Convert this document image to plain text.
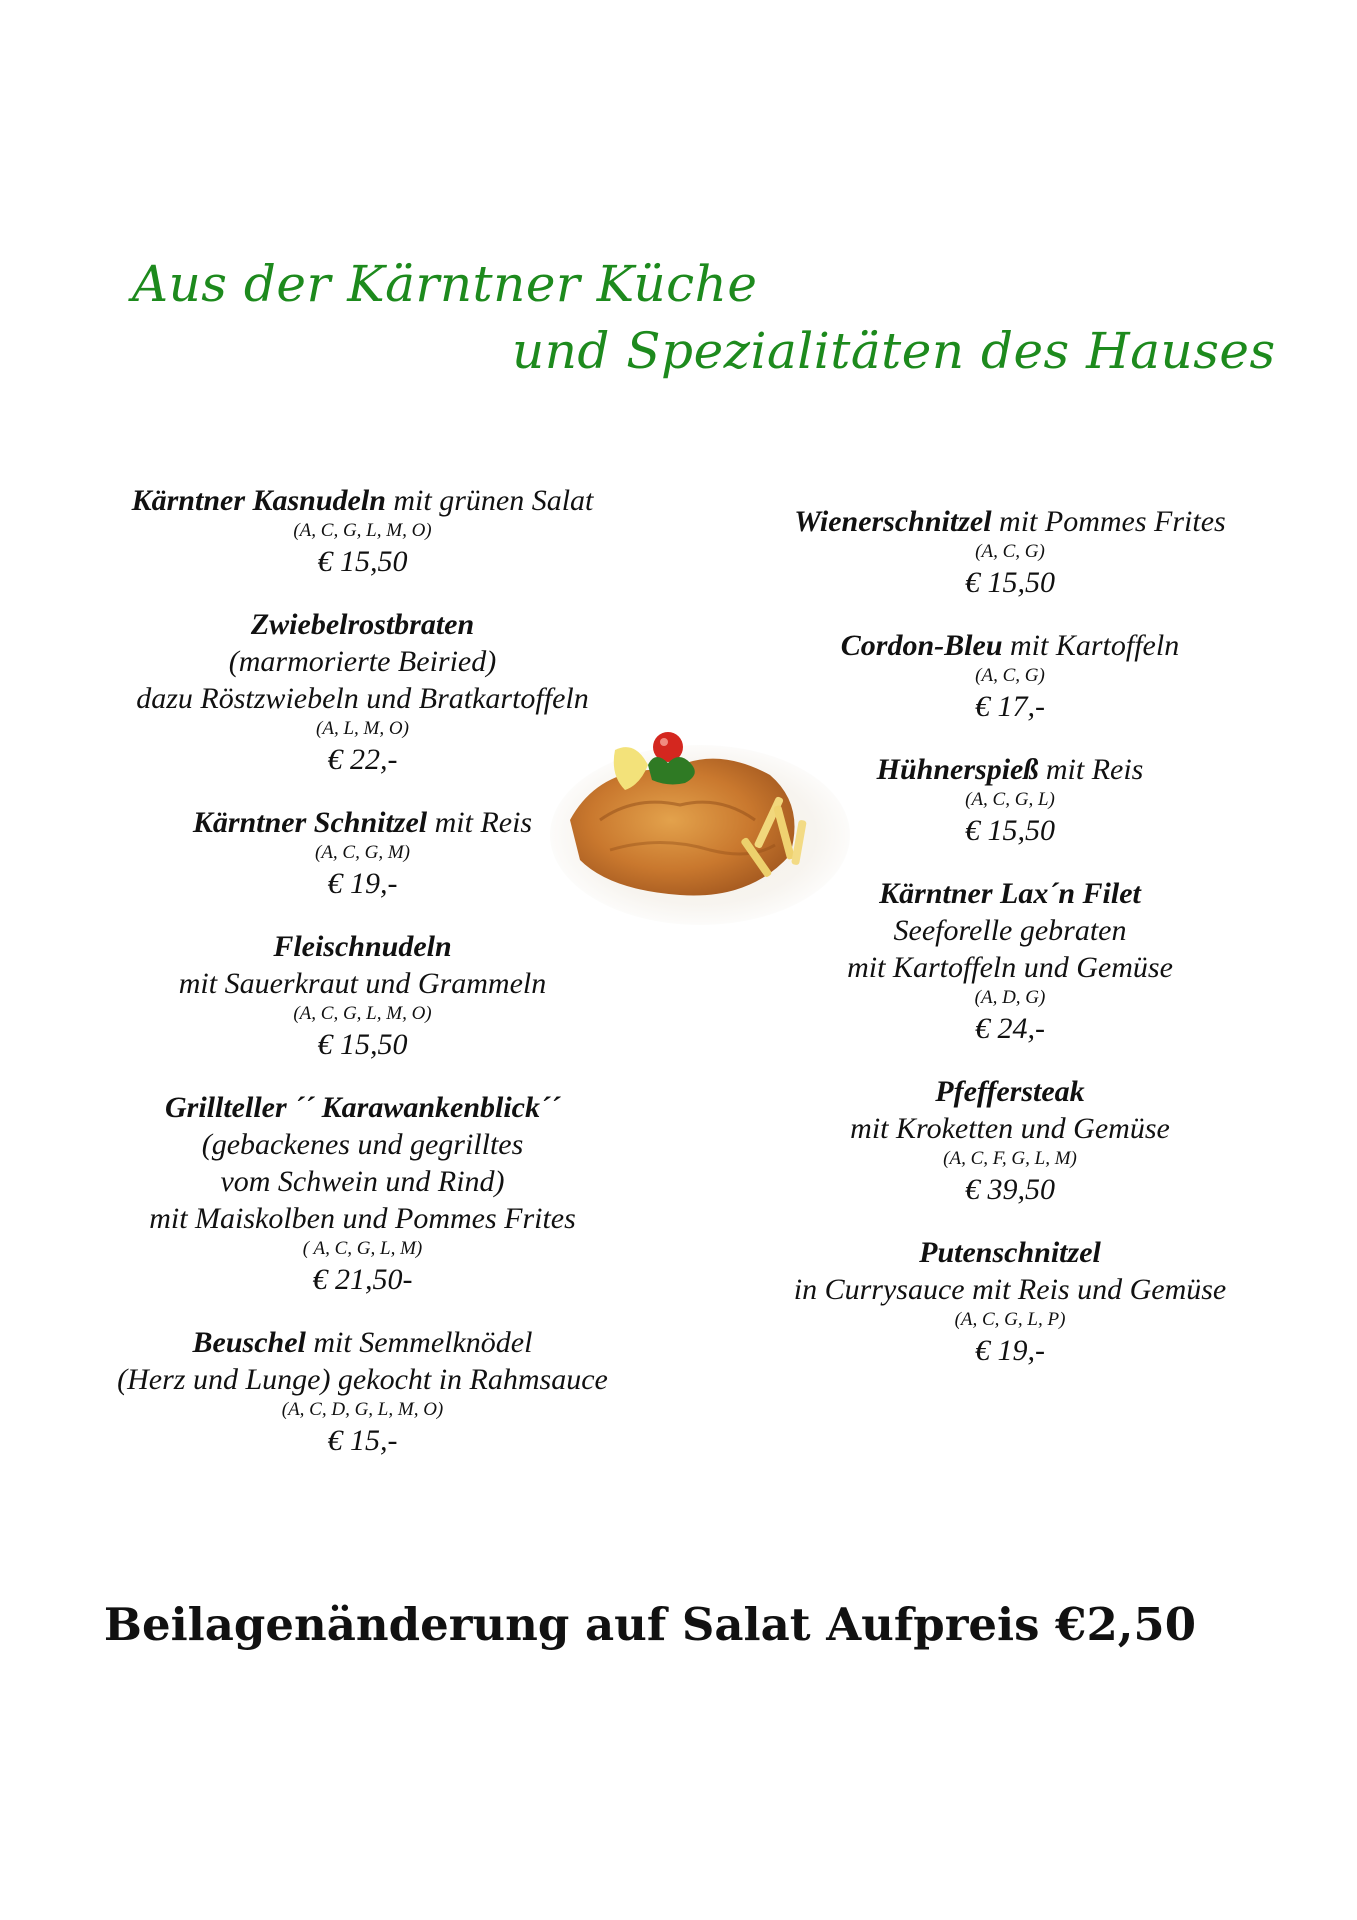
Aus der Kärntner Küche
und Spezialitäten des Hauses
Kärntner Kasnudeln mit grünen Salat
(A, C, G, L, M, O)
€ 15,50
Zwiebelrostbraten
(marmorierte Beiried)
dazu Röstzwiebeln und Bratkartoffeln
(A, L, M, O)
€ 22,-
Kärntner Schnitzel mit Reis
(A, C, G, M)
€ 19,-
Fleischnudeln
mit Sauerkraut und Grammeln
(A, C, G, L, M, O)
€ 15,50
Grillteller ´´ Karawankenblick´´
(gebackenes und gegrilltes
vom Schwein und Rind)
mit Maiskolben und Pommes Frites
( A, C, G, L, M)
€ 21,50-
Beuschel mit Semmelknödel
(Herz und Lunge) gekocht in Rahmsauce
(A, C, D, G, L, M, O)
€ 15,-
Wienerschnitzel mit Pommes Frites
(A, C, G)
€ 15,50
Cordon-Bleu mit Kartoffeln
(A, C, G)
€ 17,-
Hühnerspieß mit Reis
(A, C, G, L)
€ 15,50
Kärntner Lax´n Filet
Seeforelle gebraten
mit Kartoffeln und Gemüse
(A, D, G)
€ 24,-
Pfeffersteak
mit Kroketten und Gemüse
(A, C, F, G, L, M)
€ 39,50
Putenschnitzel
in Currysauce mit Reis und Gemüse
(A, C, G, L, P)
€ 19,-
Beilagenänderung auf Salat Aufpreis €2,50
